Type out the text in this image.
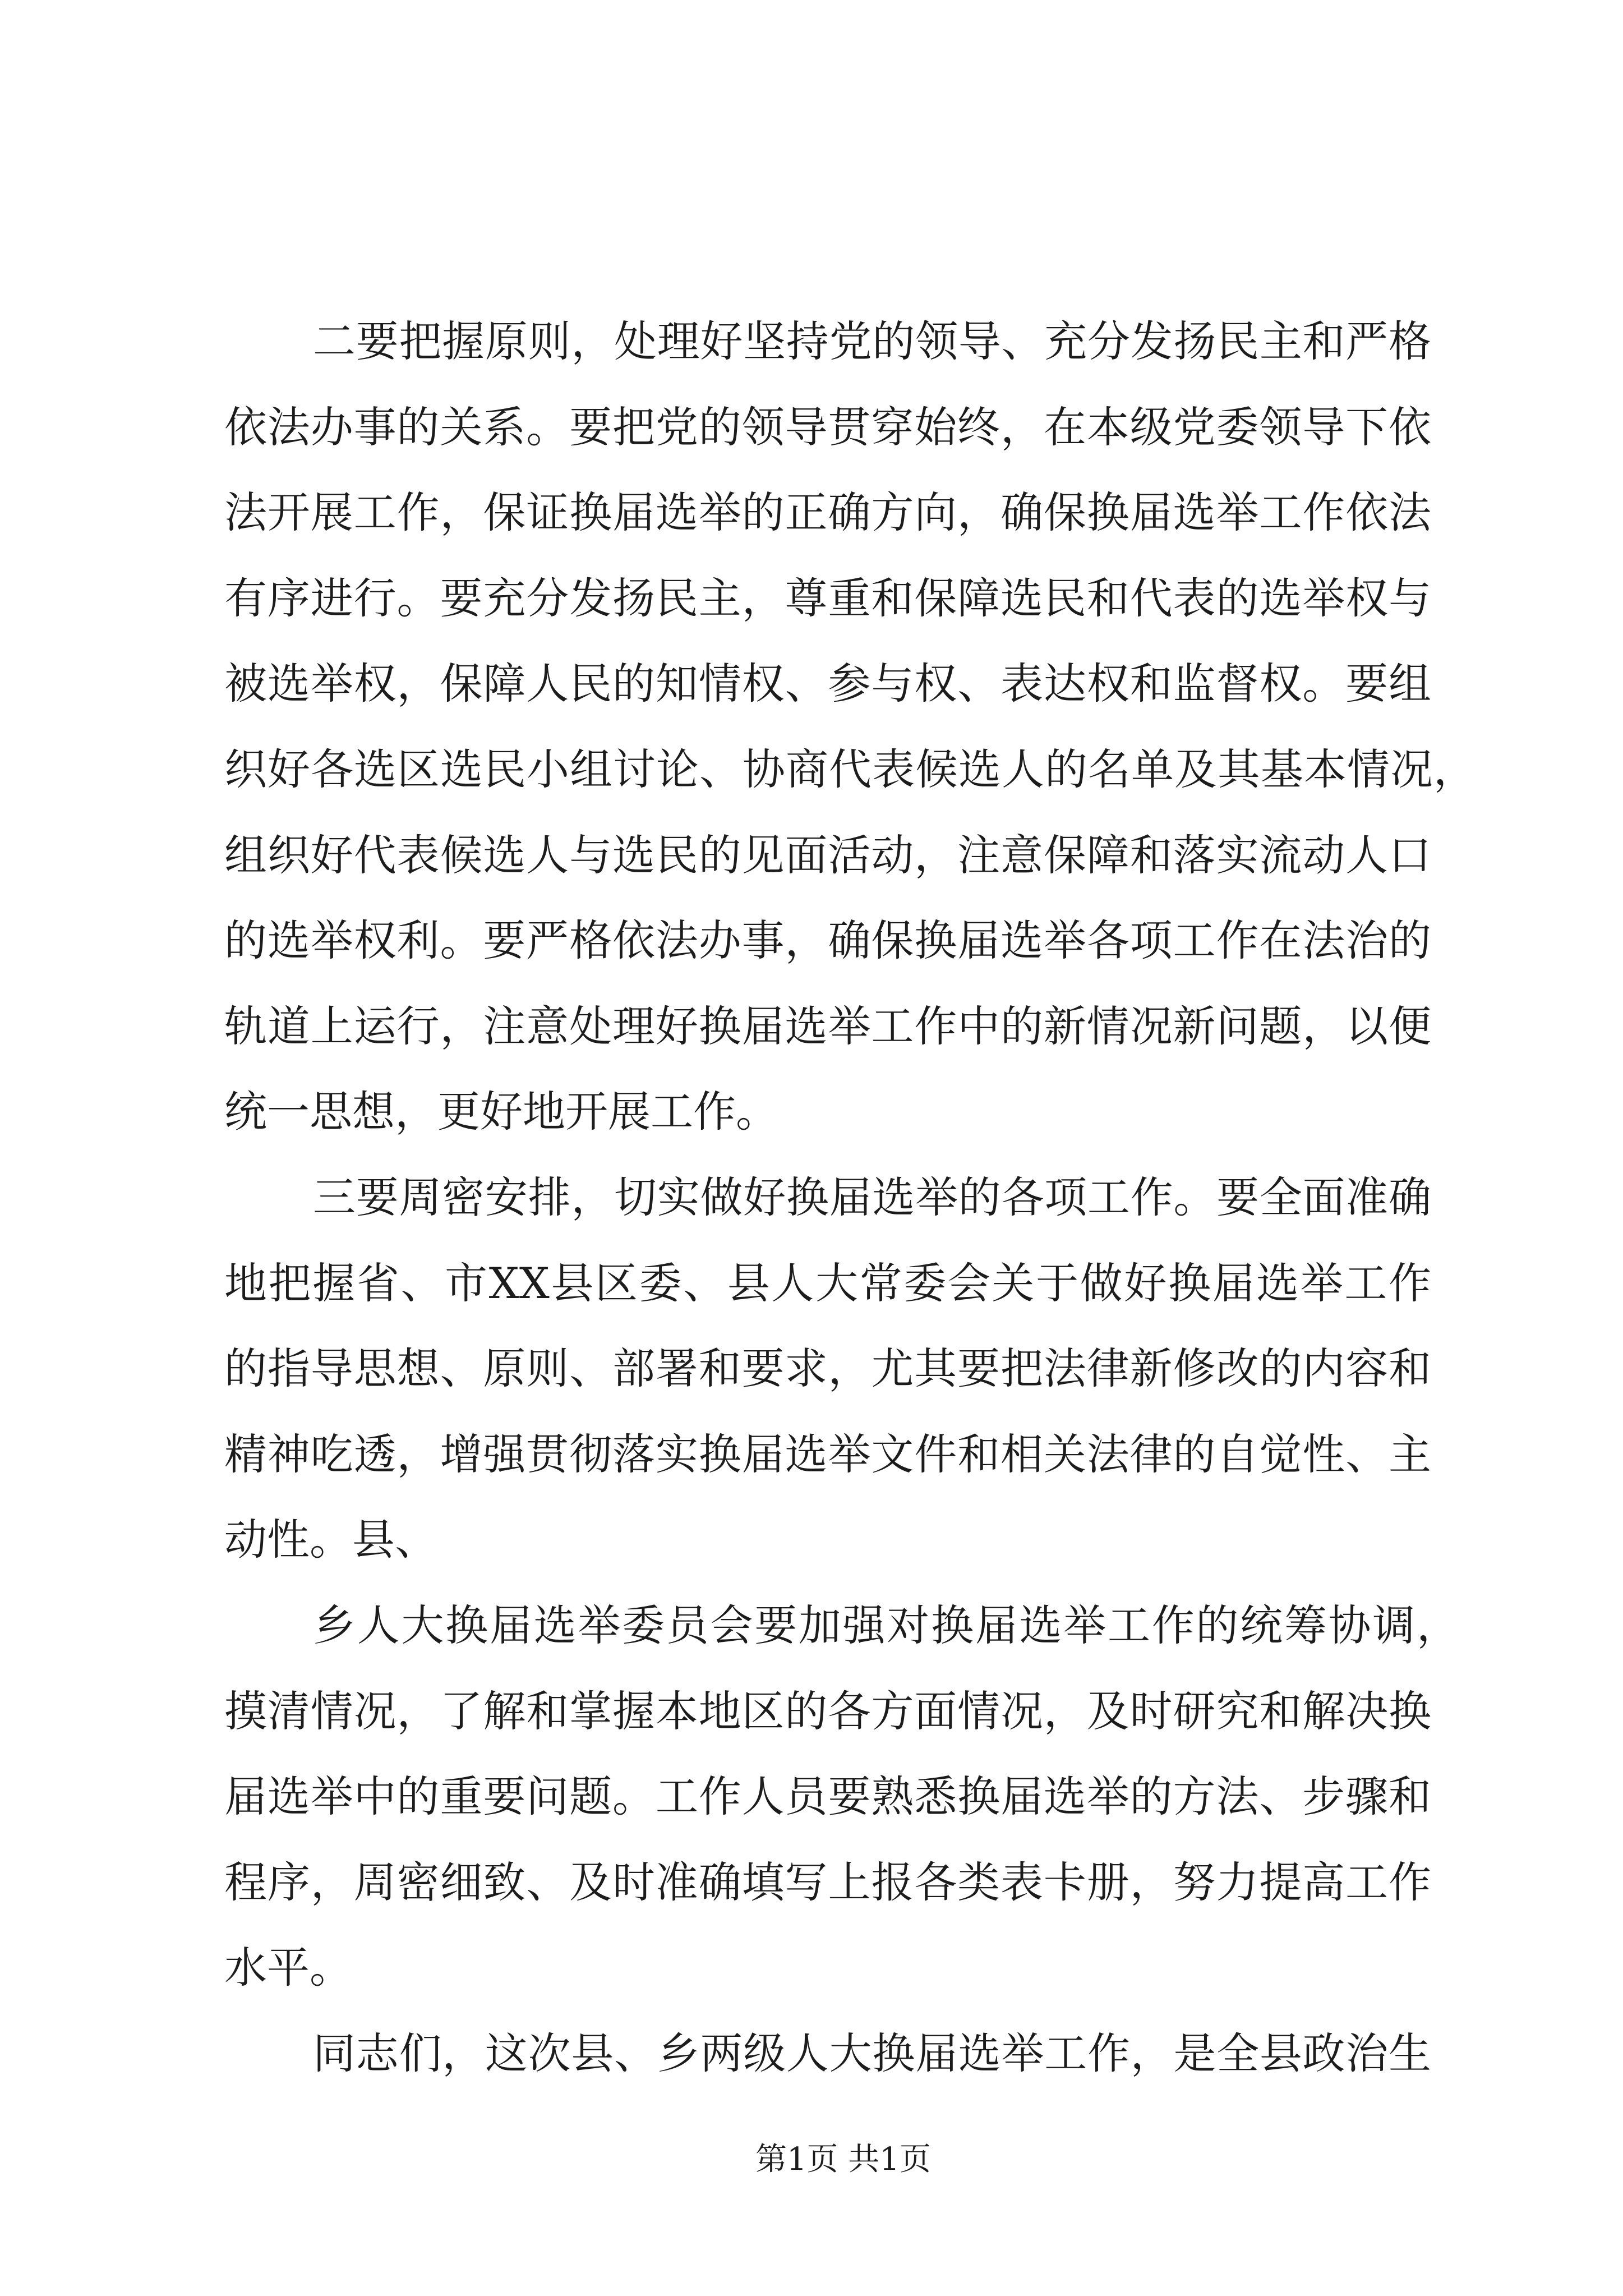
二要把握原则，处理好坚持党的领导、充分发扬民主和严格
依法办事的关系。要把党的领导贯穿始终，在本级党委领导下依
法开展工作，保证换届选举的正确方向，确保换届选举工作依法
有序进行。要充分发扬民主，尊重和保障选民和代表的选举权与
被选举权，保障人民的知情权、参与权、表达权和监督权。要组
织好各选区选民小组讨论、协商代表候选人的名单及其基本情况，
组织好代表候选人与选民的见面活动，注意保障和落实流动人口
的选举权利。要严格依法办事，确保换届选举各项工作在法治的
轨道上运行，注意处理好换届选举工作中的新情况新问题，以便
统一思想，更好地开展工作。
三要周密安排，切实做好换届选举的各项工作。要全面准确
地把握省、市XX县区委、县人大常委会关于做好换届选举工作
的指导思想、原则、部署和要求，尤其要把法律新修改的内容和
精神吃透，增强贯彻落实换届选举文件和相关法律的自觉性、主
动性。县、
乡人大换届选举委员会要加强对换届选举工作的统筹协调，
摸清情况，了解和掌握本地区的各方面情况，及时研究和解决换
届选举中的重要问题。工作人员要熟悉换届选举的方法、步骤和
程序，周密细致、及时准确填写上报各类表卡册，努力提高工作
水平。
同志们，这次县、乡两级人大换届选举工作，是全县政治生
第1页 共1页
